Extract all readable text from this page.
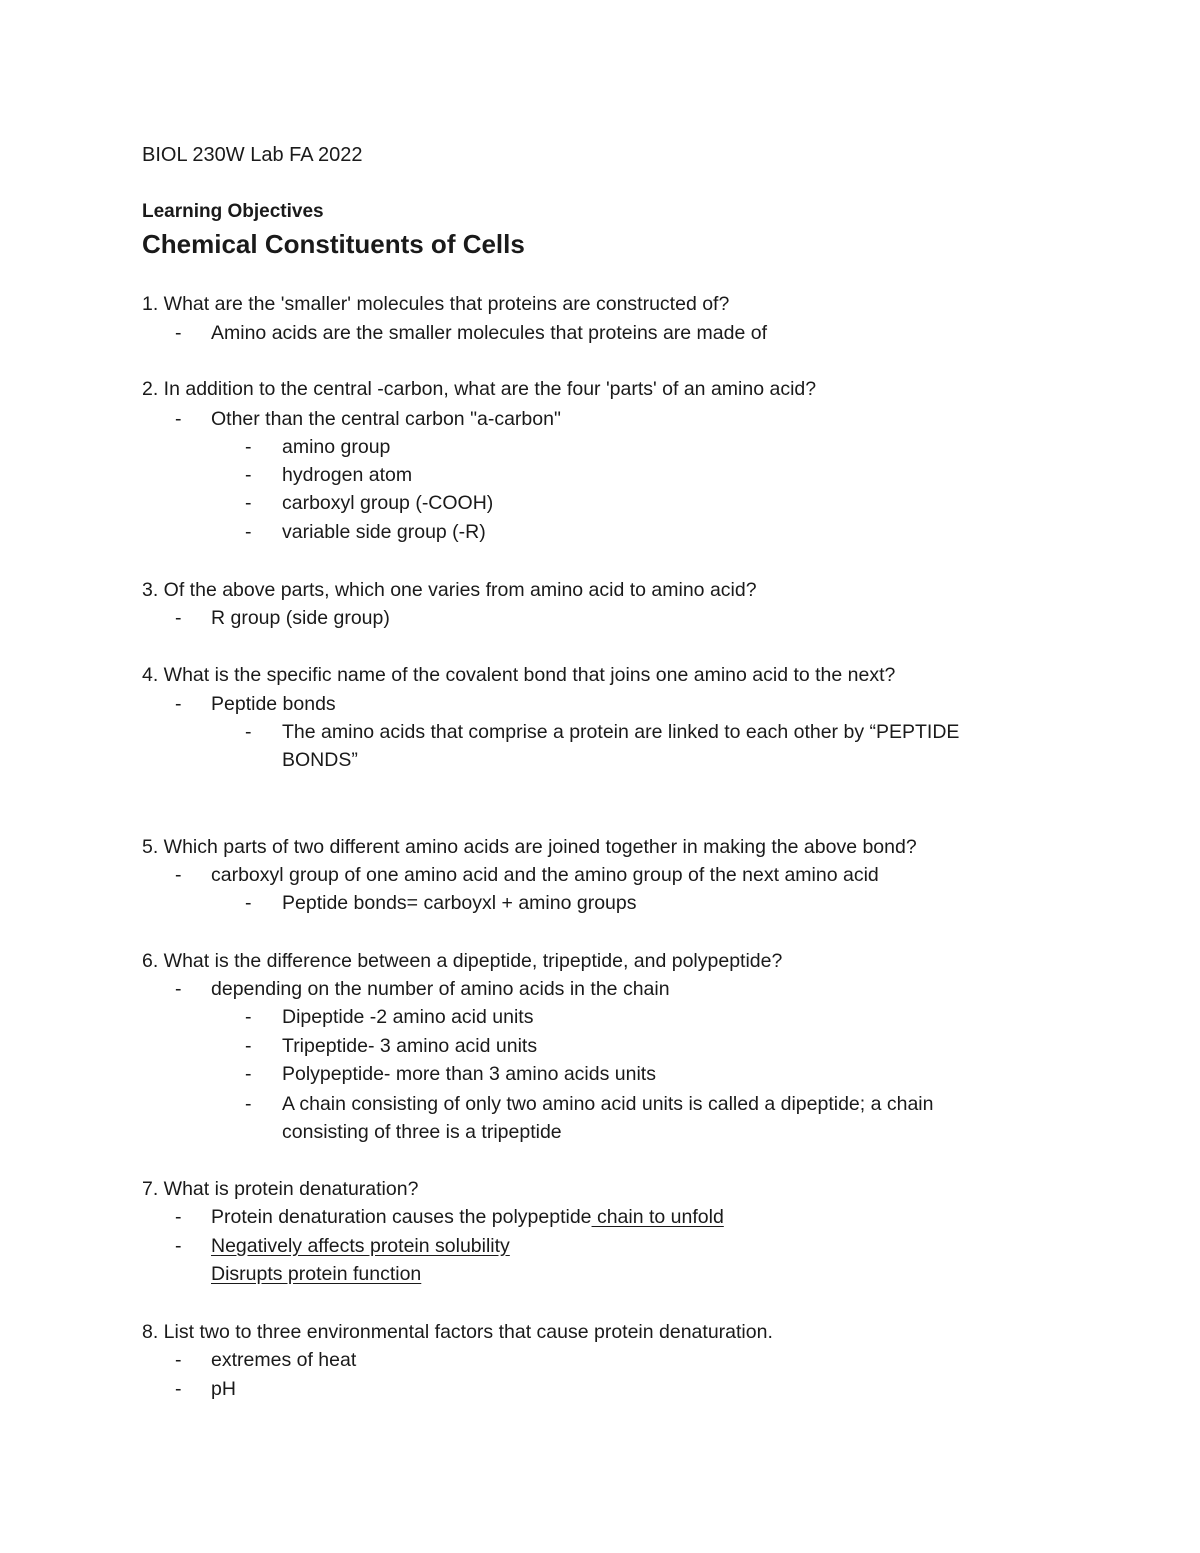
BIOL 230W Lab FA 2022
Learning Objectives
Chemical Constituents of Cells
1. What are the 'smaller' molecules that proteins are constructed of?
- Amino acids are the smaller molecules that proteins are made of
2. In addition to the central -carbon, what are the four 'parts' of an amino acid?
- Other than the central carbon "a-carbon"
- amino group
- hydrogen atom
- carboxyl group (-COOH)
- variable side group (-R)
3. Of the above parts, which one varies from amino acid to amino acid?
- R group (side group)
4. What is the specific name of the covalent bond that joins one amino acid to the next?
- Peptide bonds
- The amino acids that comprise a protein are linked to each other by “PEPTIDE
BONDS”
5. Which parts of two different amino acids are joined together in making the above bond?
- carboxyl group of one amino acid and the amino group of the next amino acid
- Peptide bonds= carboyxl + amino groups
6. What is the difference between a dipeptide, tripeptide, and polypeptide?
- depending on the number of amino acids in the chain
- Dipeptide -2 amino acid units
- Tripeptide- 3 amino acid units
- Polypeptide- more than 3 amino acids units
- A chain consisting of only two amino acid units is called a dipeptide; a chain
consisting of three is a tripeptide
7. What is protein denaturation?
- Protein denaturation causes the polypeptide chain to unfold
- Negatively affects protein solubility
Disrupts protein function
8. List two to three environmental factors that cause protein denaturation.
- extremes of heat
- pH
